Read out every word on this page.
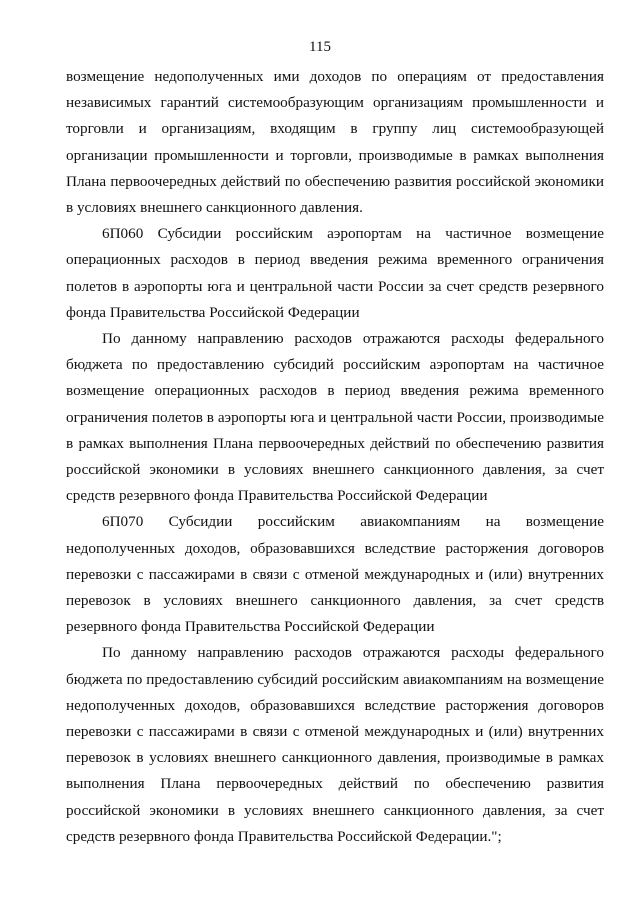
115

возмещение недополученных ими доходов по операциям от предоставления независимых гарантий системообразующим организациям промышленности и торговли и организациям, входящим в группу лиц системообразующей организации промышленности и торговли, производимые в рамках выполнения Плана первоочередных действий по обеспечению развития российской экономики в условиях внешнего санкционного давления.

6П060 Субсидии российским аэропортам на частичное возмещение операционных расходов в период введения режима временного ограничения полетов в аэропорты юга и центральной части России за счет средств резервного фонда Правительства Российской Федерации

По данному направлению расходов отражаются расходы федерального бюджета по предоставлению субсидий российским аэропортам на частичное возмещение операционных расходов в период введения режима временного ограничения полетов в аэропорты юга и центральной части России, производимые в рамках выполнения Плана первоочередных действий по обеспечению развития российской экономики в условиях внешнего санкционного давления, за счет средств резервного фонда Правительства Российской Федерации

6П070 Субсидии российским авиакомпаниям на возмещение недополученных доходов, образовавшихся вследствие расторжения договоров перевозки с пассажирами в связи с отменой международных и (или) внутренних перевозок в условиях внешнего санкционного давления, за счет средств резервного фонда Правительства Российской Федерации

По данному направлению расходов отражаются расходы федерального бюджета по предоставлению субсидий российским авиакомпаниям на возмещение недополученных доходов, образовавшихся вследствие расторжения договоров перевозки с пассажирами в связи с отменой международных и (или) внутренних перевозок в условиях внешнего санкционного давления, производимые в рамках выполнения Плана первоочередных действий по обеспечению развития российской экономики в условиях внешнего санкционного давления, за счет средств резервного фонда Правительства Российской Федерации.";
